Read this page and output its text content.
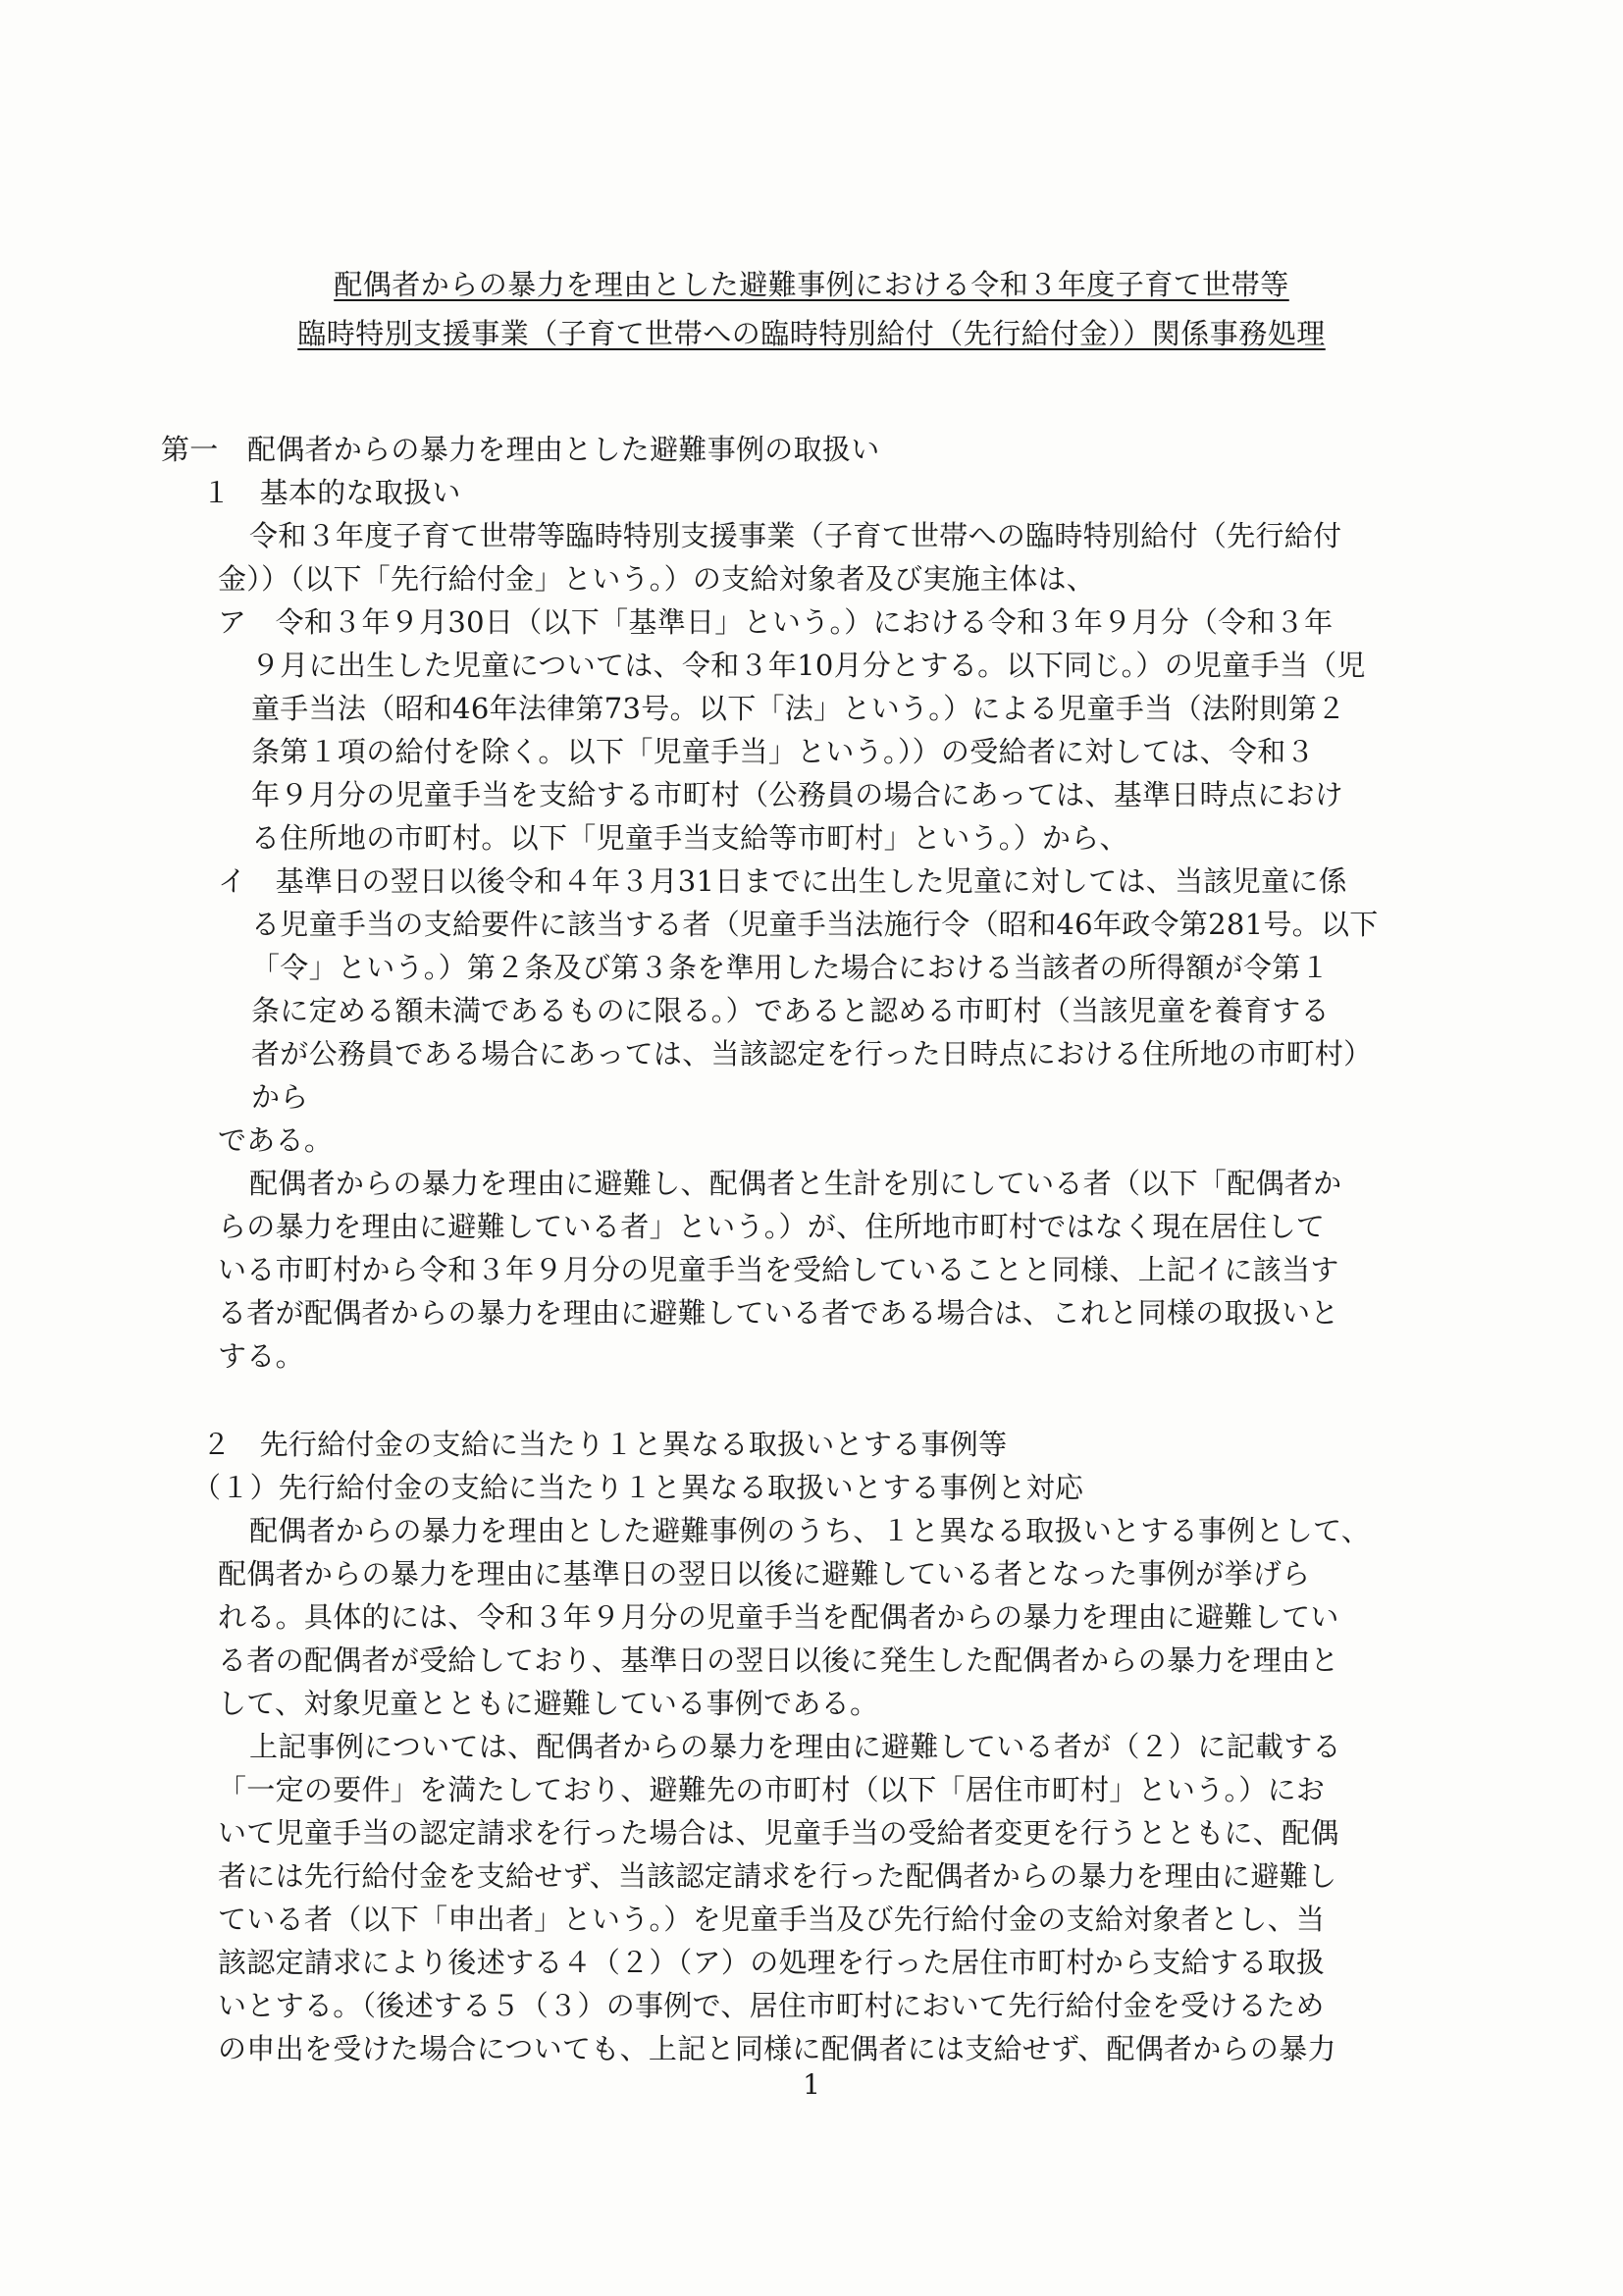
配偶者からの暴力を理由とした避難事例における令和３年度子育て世帯等
臨時特別支援事業（子育て世帯への臨時特別給付（先行給付金））関係事務処理
第一　配偶者からの暴力を理由とした避難事例の取扱い
１　基本的な取扱い
令和３年度子育て世帯等臨時特別支援事業（子育て世帯への臨時特別給付（先行給付
金））（以下「先行給付金」という。）の支給対象者及び実施主体は、
ア　令和３年９月30日（以下「基準日」という。）における令和３年９月分（令和３年
９月に出生した児童については、令和３年10月分とする。以下同じ。）の児童手当（児
童手当法（昭和46年法律第73号。以下「法」という。）による児童手当（法附則第２
条第１項の給付を除く。以下「児童手当」という。））の受給者に対しては、令和３
年９月分の児童手当を支給する市町村（公務員の場合にあっては、基準日時点におけ
る住所地の市町村。以下「児童手当支給等市町村」という。）から、
イ　基準日の翌日以後令和４年３月31日までに出生した児童に対しては、当該児童に係
る児童手当の支給要件に該当する者（児童手当法施行令（昭和46年政令第281号。以下
「令」という。）第２条及び第３条を準用した場合における当該者の所得額が令第１
条に定める額未満であるものに限る。）であると認める市町村（当該児童を養育する
者が公務員である場合にあっては、当該認定を行った日時点における住所地の市町村）
から
である。
配偶者からの暴力を理由に避難し、配偶者と生計を別にしている者（以下「配偶者か
らの暴力を理由に避難している者」という。）が、住所地市町村ではなく現在居住して
いる市町村から令和３年９月分の児童手当を受給していることと同様、上記イに該当す
る者が配偶者からの暴力を理由に避難している者である場合は、これと同様の取扱いと
する。
２　先行給付金の支給に当たり１と異なる取扱いとする事例等
（１）先行給付金の支給に当たり１と異なる取扱いとする事例と対応
配偶者からの暴力を理由とした避難事例のうち、１と異なる取扱いとする事例として、
配偶者からの暴力を理由に基準日の翌日以後に避難している者となった事例が挙げら
れる。具体的には、令和３年９月分の児童手当を配偶者からの暴力を理由に避難してい
る者の配偶者が受給しており、基準日の翌日以後に発生した配偶者からの暴力を理由と
して、対象児童とともに避難している事例である。
上記事例については、配偶者からの暴力を理由に避難している者が（２）に記載する
「一定の要件」を満たしており、避難先の市町村（以下「居住市町村」という。）にお
いて児童手当の認定請求を行った場合は、児童手当の受給者変更を行うとともに、配偶
者には先行給付金を支給せず、当該認定請求を行った配偶者からの暴力を理由に避難し
ている者（以下「申出者」という。）を児童手当及び先行給付金の支給対象者とし、当
該認定請求により後述する４（２）（ア）の処理を行った居住市町村から支給する取扱
いとする。（後述する５（３）の事例で、居住市町村において先行給付金を受けるため
の申出を受けた場合についても、上記と同様に配偶者には支給せず、配偶者からの暴力
1
